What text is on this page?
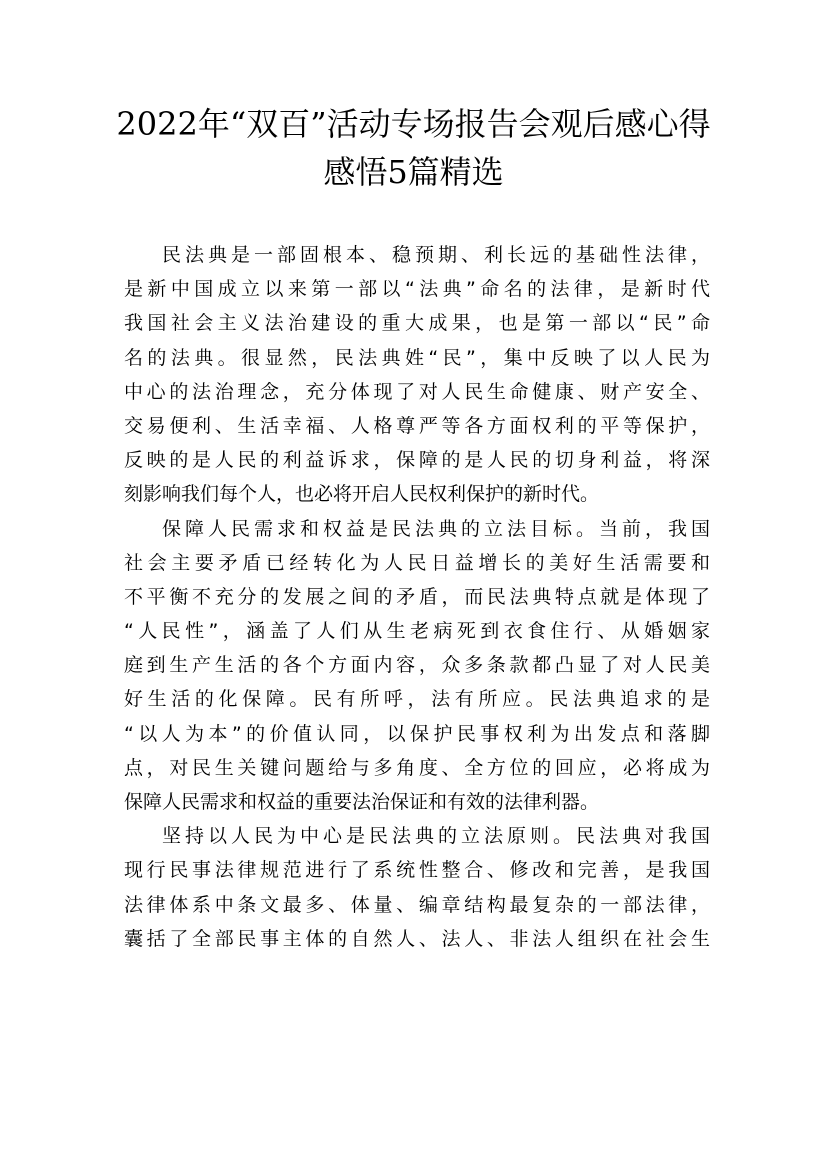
2022年“双百”活动专场报告会观后感心得
感悟5篇精选
民法典是一部固根本、稳预期、利长远的基础性法律，
是新中国成立以来第一部以“法典”命名的法律，是新时代
我国社会主义法治建设的重大成果，也是第一部以“民”命
名的法典。很显然，民法典姓“民”，集中反映了以人民为
中心的法治理念，充分体现了对人民生命健康、财产安全、
交易便利、生活幸福、人格尊严等各方面权利的平等保护，
反映的是人民的利益诉求，保障的是人民的切身利益，将深
刻影响我们每个人，也必将开启人民权利保护的新时代。
保障人民需求和权益是民法典的立法目标。当前，我国
社会主要矛盾已经转化为人民日益增长的美好生活需要和
不平衡不充分的发展之间的矛盾，而民法典特点就是体现了
“人民性”，涵盖了人们从生老病死到衣食住行、从婚姻家
庭到生产生活的各个方面内容，众多条款都凸显了对人民美
好生活的化保障。民有所呼，法有所应。民法典追求的是
“以人为本”的价值认同，以保护民事权利为出发点和落脚
点，对民生关键问题给与多角度、全方位的回应，必将成为
保障人民需求和权益的重要法治保证和有效的法律利器。
坚持以人民为中心是民法典的立法原则。民法典对我国
现行民事法律规范进行了系统性整合、修改和完善，是我国
法律体系中条文最多、体量、编章结构最复杂的一部法律，
囊括了全部民事主体的自然人、法人、非法人组织在社会生
